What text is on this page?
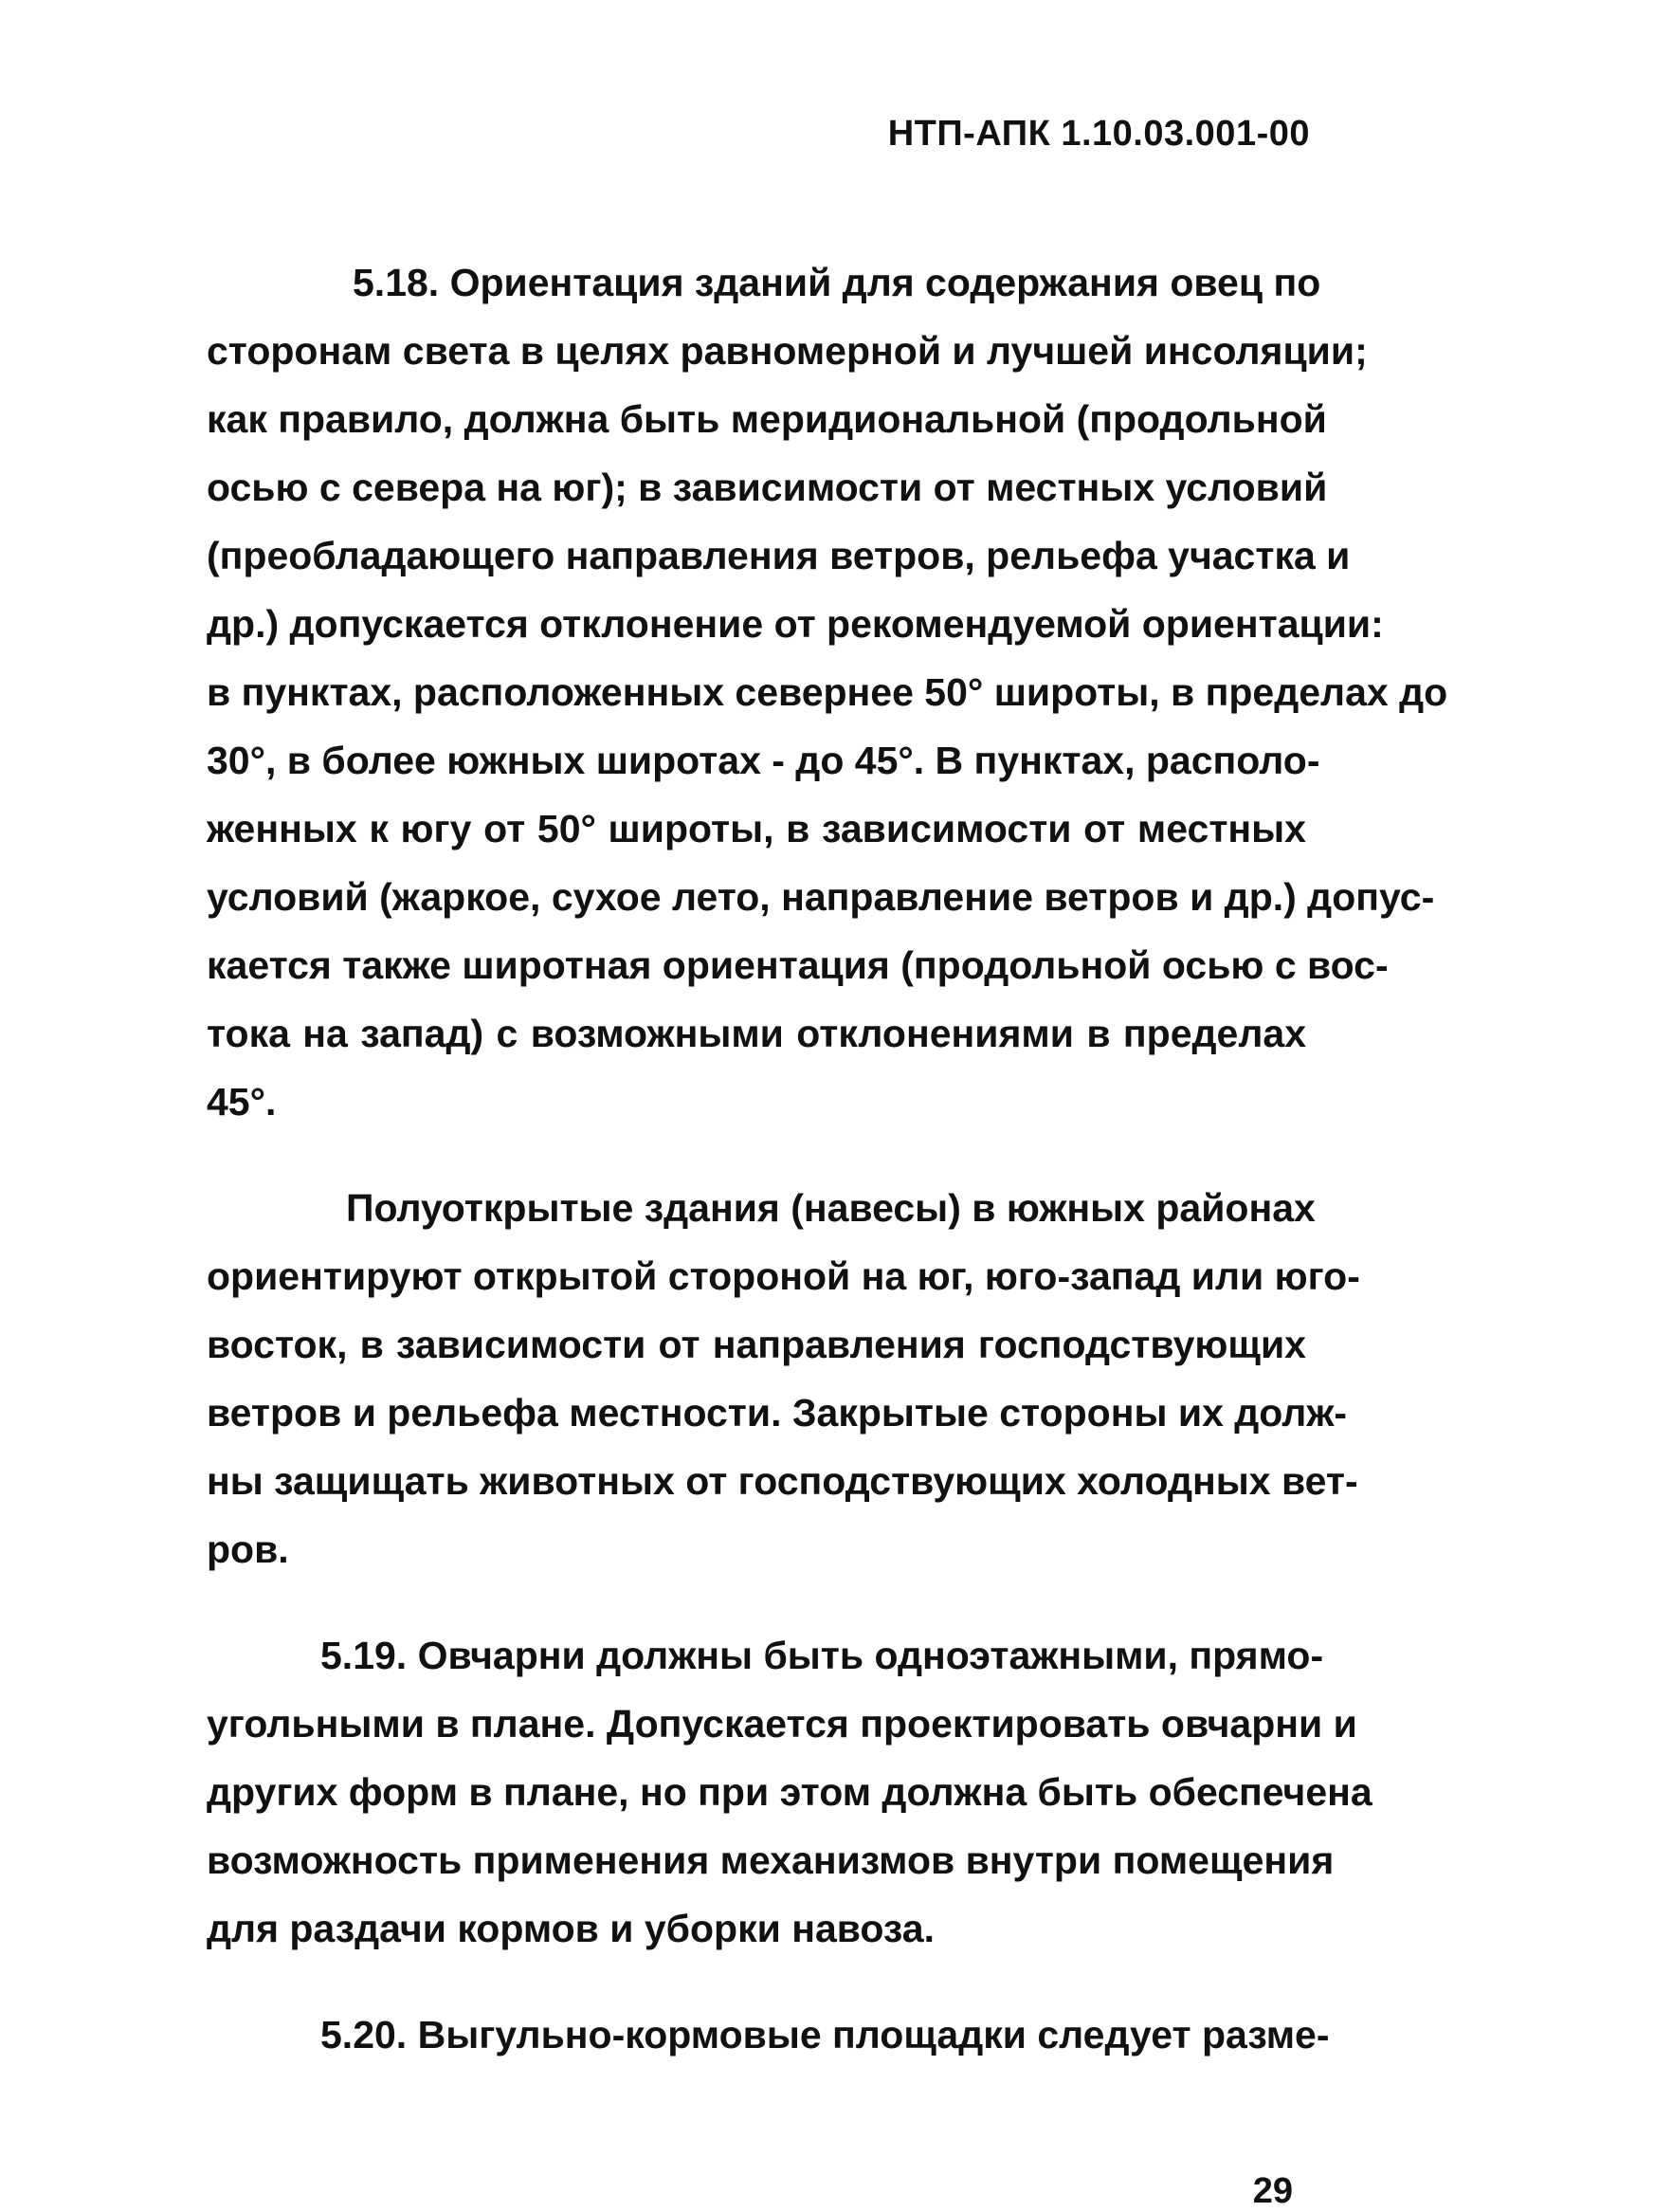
НТП-АПК 1.10.03.001-00
5.18. Ориентация зданий для содержания овец по
сторонам света в целях равномерной и лучшей инсоляции;
как правило, должна быть меридиональной (продольной
осью с севера на юг); в зависимости от местных условий
(преобладающего направления ветров, рельефа участка и
др.) допускается отклонение от рекомендуемой ориентации:
в пунктах, расположенных севернее 50° широты, в пределах до
30°, в более южных широтах - до 45°. В пунктах, располо-
женных к югу от 50° широты, в зависимости от местных
условий (жаркое, сухое лето, направление ветров и др.) допус-
кается также широтная ориентация (продольной осью с вос-
тока на запад) с возможными отклонениями в пределах
45°.
Полуоткрытые здания (навесы) в южных районах
ориентируют открытой стороной на юг, юго-запад или юго-
восток, в зависимости от направления господствующих
ветров и рельефа местности. Закрытые стороны их долж-
ны защищать животных от господствующих холодных вет-
ров.
5.19. Овчарни должны быть одноэтажными, прямо-
угольными в плане. Допускается проектировать овчарни и
других форм в плане, но при этом должна быть обеспечена
возможность применения механизмов внутри помещения
для раздачи кормов и уборки навоза.
5.20. Выгульно-кормовые площадки следует разме-
29
